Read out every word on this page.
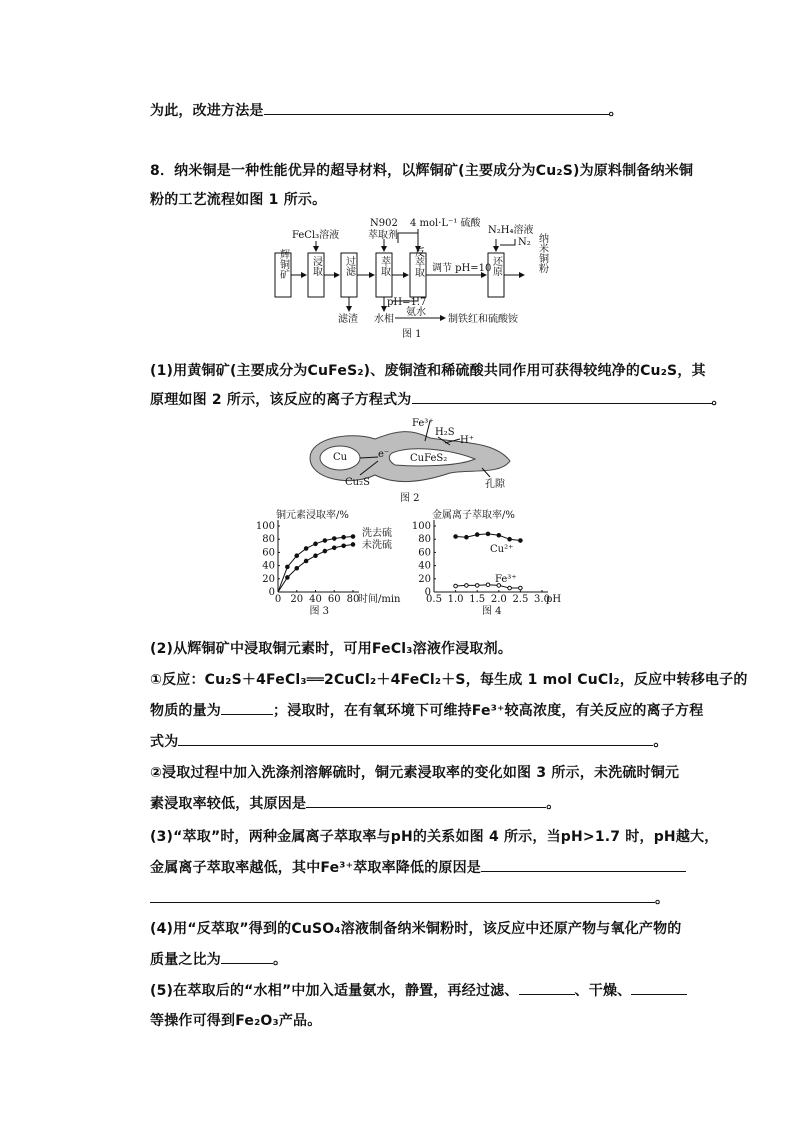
为此，改进方法是	。
8．纳米铜是一种性能优异的超导材料，以辉铜矿(主要成分为Cu₂S)为原料制备纳米铜
粉的工艺流程如图 1 所示。
辉铜矿 浸取 过滤 萃取 反萃取	还原	纳米铜粉
FeCl₃溶液
N902
萃取剂
4 mol·L⁻¹ 硫酸
N₂H₄溶液
N₂
调节 pH=10
pH=1.7
滤渣 水相
氨水
制铁红和硫酸铵
图 1
(1)用黄铜矿(主要成分为CuFeS₂)、废铜渣和稀硫酸共同作用可获得较纯净的Cu₂S，其
原理如图 2 所示，该反应的离子方程式为	。
Fe³⁺
H₂S
H⁺
Cu	e⁻ CuFeS₂
Cu₂S	孔隙
图 2
铜元素浸取率/%
0
20
40
60
80
100
0 20 40 60 80
时间/min
洗去硫
未洗硫
图 3
金属离子萃取率/%
0
20
40
60
80
100
0.5 1.0 1.5 2.0 2.5 3.0
pH
Cu²⁺
Fe³⁺
图 4
(2)从辉铜矿中浸取铜元素时，可用FeCl₃溶液作浸取剂。
①反应：Cu₂S＋4FeCl₃══2CuCl₂＋4FeCl₂＋S，每生成 1 mol CuCl₂，反应中转移电子的
物质的量为	；浸取时，在有氧环境下可维持Fe³⁺较高浓度，有关反应的离子方程
式为	。
②浸取过程中加入洗涤剂溶解硫时，铜元素浸取率的变化如图 3 所示，未洗硫时铜元
素浸取率较低，其原因是	。
(3)“萃取”时，两种金属离子萃取率与pH的关系如图 4 所示，当pH>1.7 时，pH越大，
金属离子萃取率越低，其中Fe³⁺萃取率降低的原因是
。
(4)用“反萃取”得到的CuSO₄溶液制备纳米铜粉时，该反应中还原产物与氧化产物的
质量之比为	。
(5)在萃取后的“水相”中加入适量氨水，静置，再经过滤、	、干燥、
等操作可得到Fe₂O₃产品。
